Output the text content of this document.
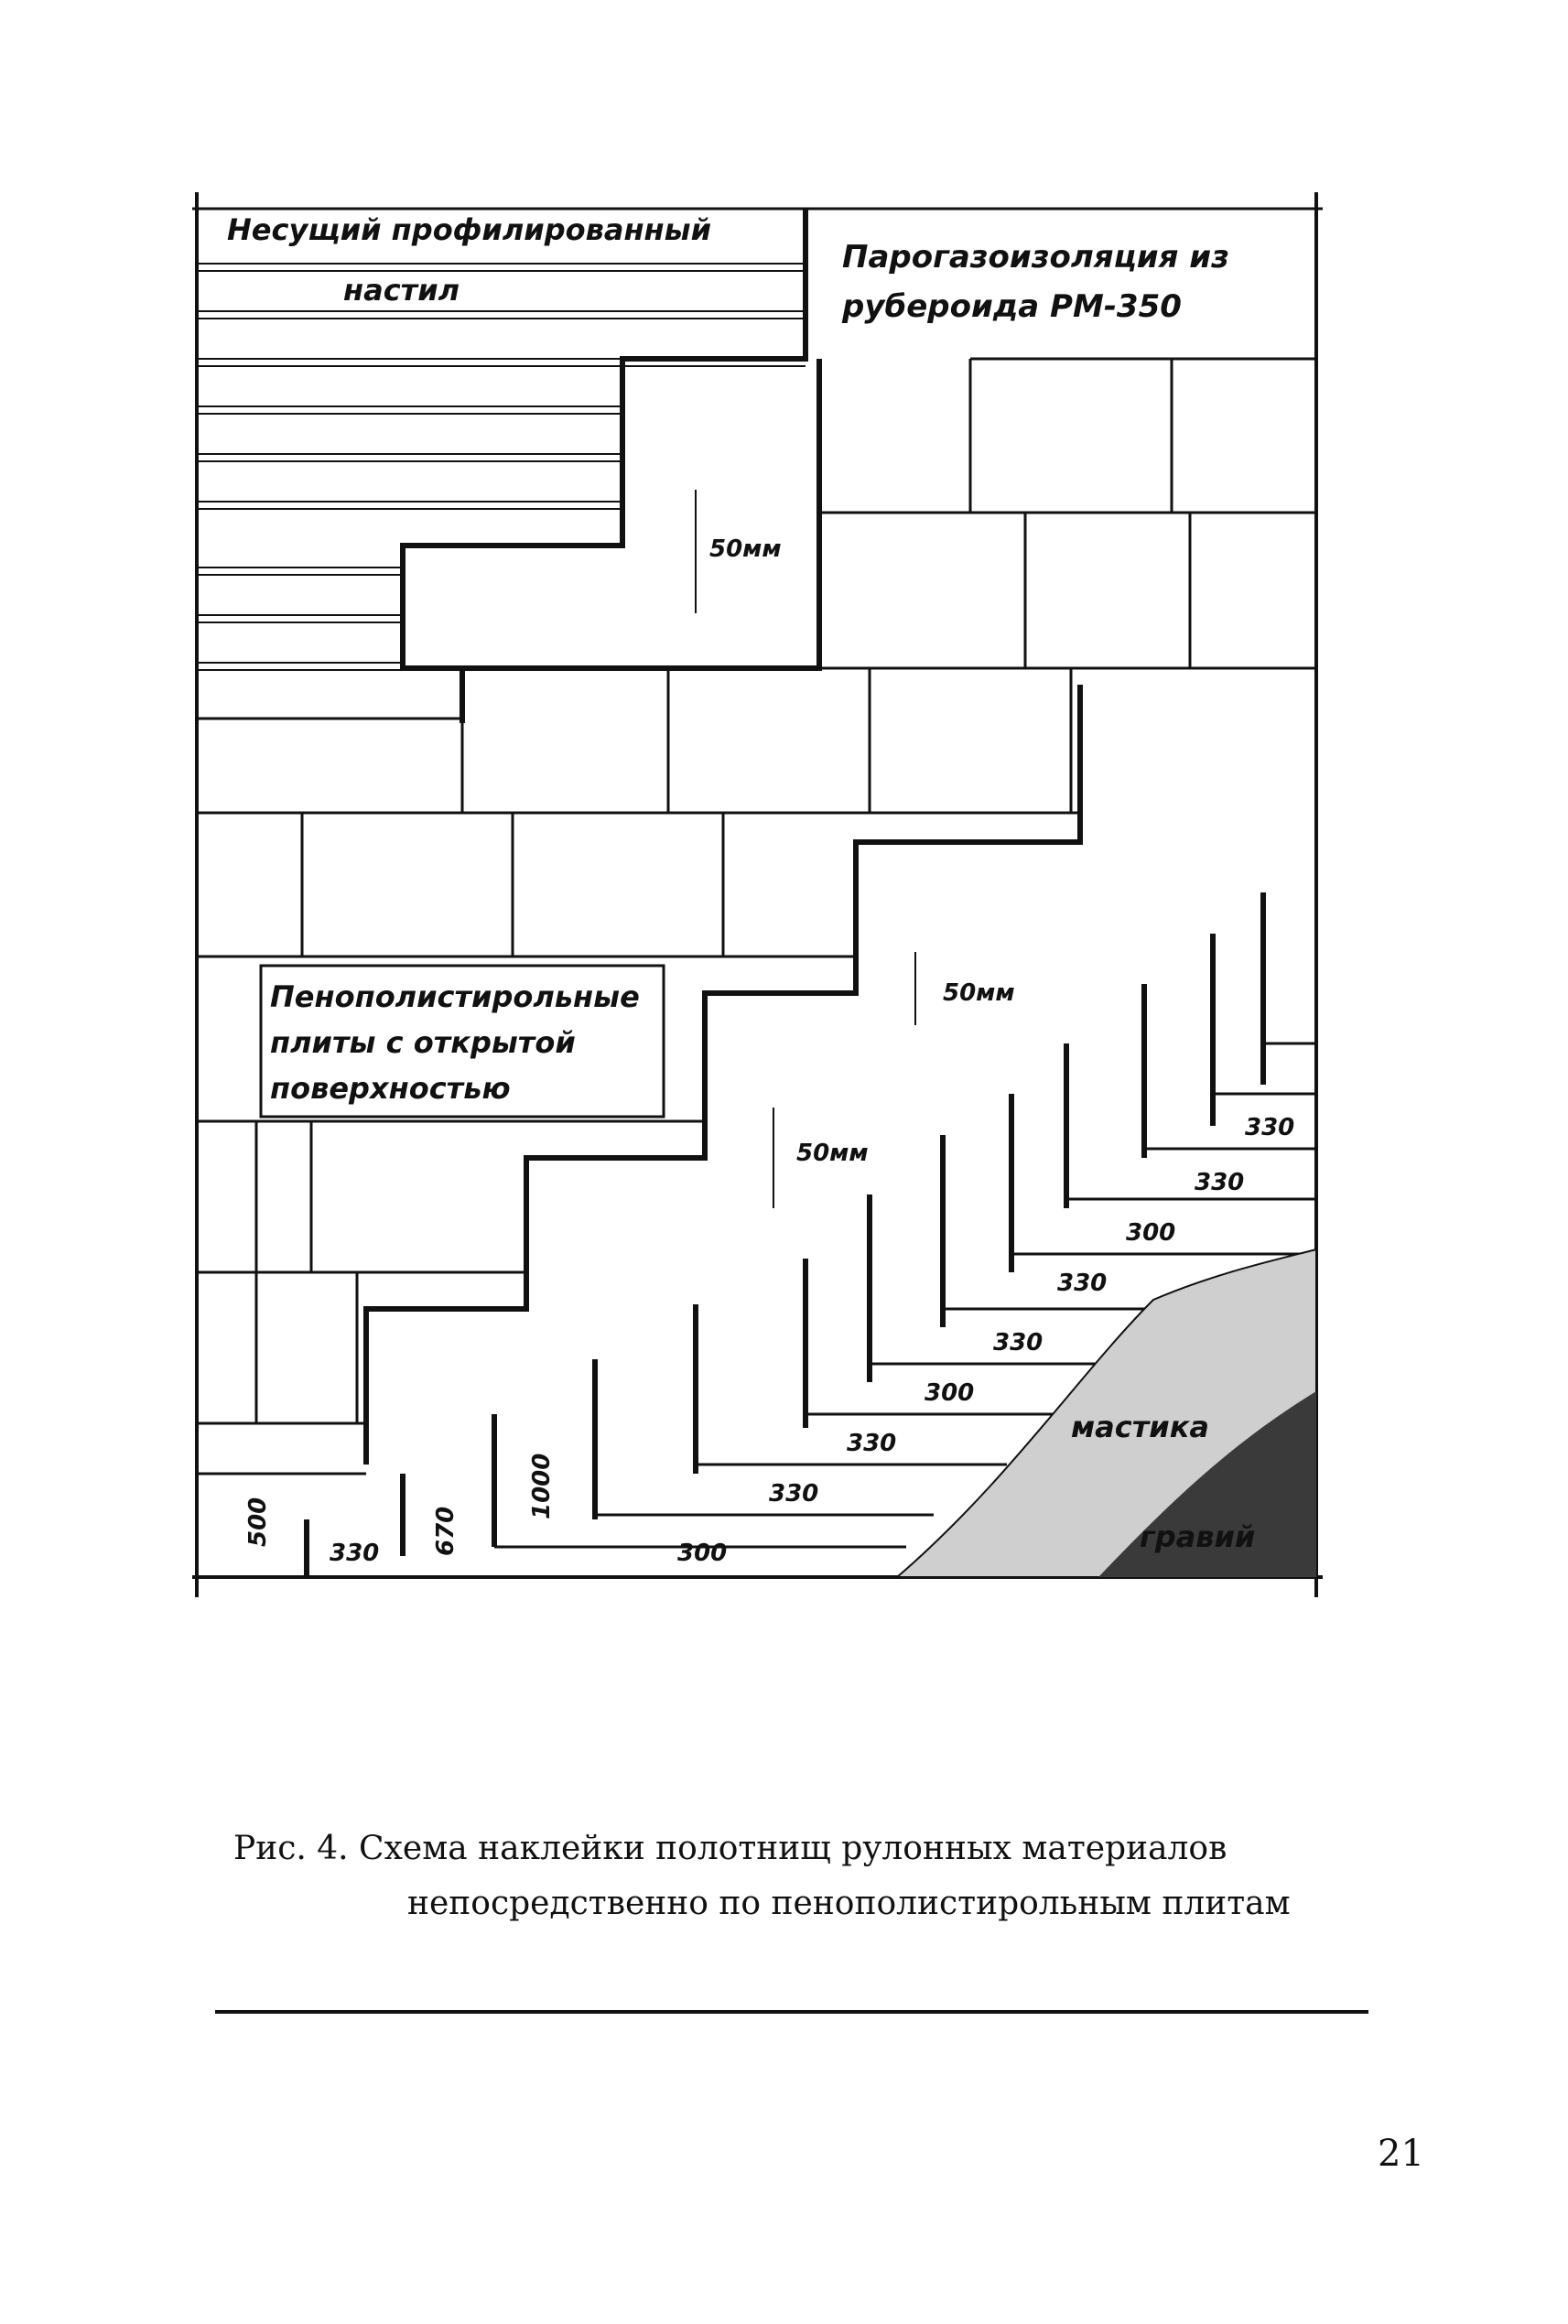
Несущий профилированный
настил
Парогазоизоляция из
рубероида РМ-350
Пенополистирольные
плиты с открытой
поверхностью
мастика
гравий
50мм
50мм
50мм
500	670
1000
330	300
330
330
300
330
330
300
330
330
Рис. 4. Схема наклейки полотнищ рулонных материалов
непосредственно по пенополистирольным плитам
21
